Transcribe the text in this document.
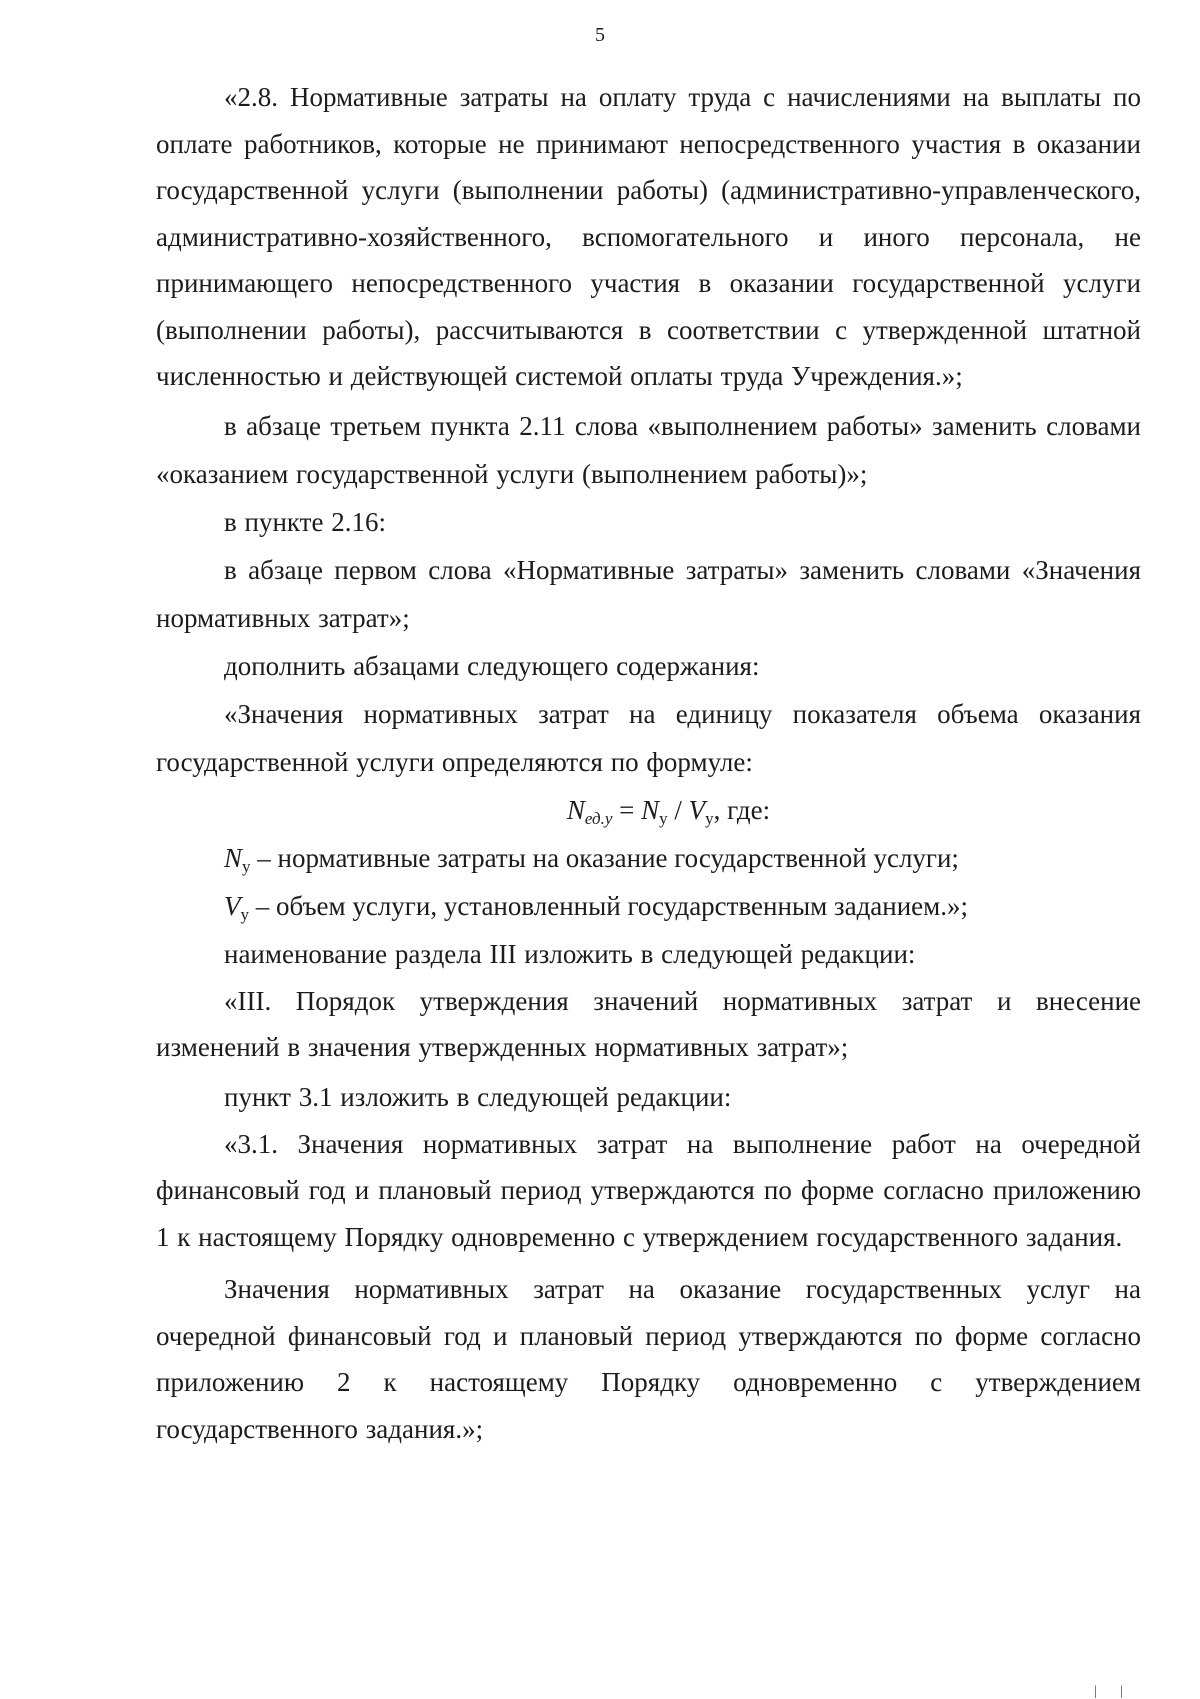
5

«2.8. Нормативные затраты на оплату труда с начислениями на выплаты по оплате работников, которые не принимают непосредственного участия в оказании государственной услуги (выполнении работы) (административно-управленческого, административно-хозяйственного, вспомогательного и иного персонала, не принимающего непосредственного участия в оказании государственной услуги (выполнении работы), рассчитываются в соответствии с утвержденной штатной численностью и действующей системой оплаты труда Учреждения.»;

в абзаце третьем пункта 2.11 слова «выполнением работы» заменить словами «оказанием государственной услуги (выполнением работы)»;

в пункте 2.16:

в абзаце первом слова «Нормативные затраты» заменить словами «Значения нормативных затрат»;

дополнить абзацами следующего содержания:

«Значения нормативных затрат на единицу показателя объема оказания государственной услуги определяются по формуле:

$N_{ед.у} = N_у / V_у$, где:

$N_у$ – нормативные затраты на оказание государственной услуги;

$V_у$ – объем услуги, установленный государственным заданием.»;

наименование раздела III изложить в следующей редакции:

«III. Порядок утверждения значений нормативных затрат и внесение изменений в значения утвержденных нормативных затрат»;

пункт 3.1 изложить в следующей редакции:

«3.1. Значения нормативных затрат на выполнение работ на очередной финансовый год и плановый период утверждаются по форме согласно приложению 1 к настоящему Порядку одновременно с утверждением государственного задания.

Значения нормативных затрат на оказание государственных услуг на очередной финансовый год и плановый период утверждаются по форме согласно приложению 2 к настоящему Порядку одновременно с утверждением государственного задания.»;

| |
